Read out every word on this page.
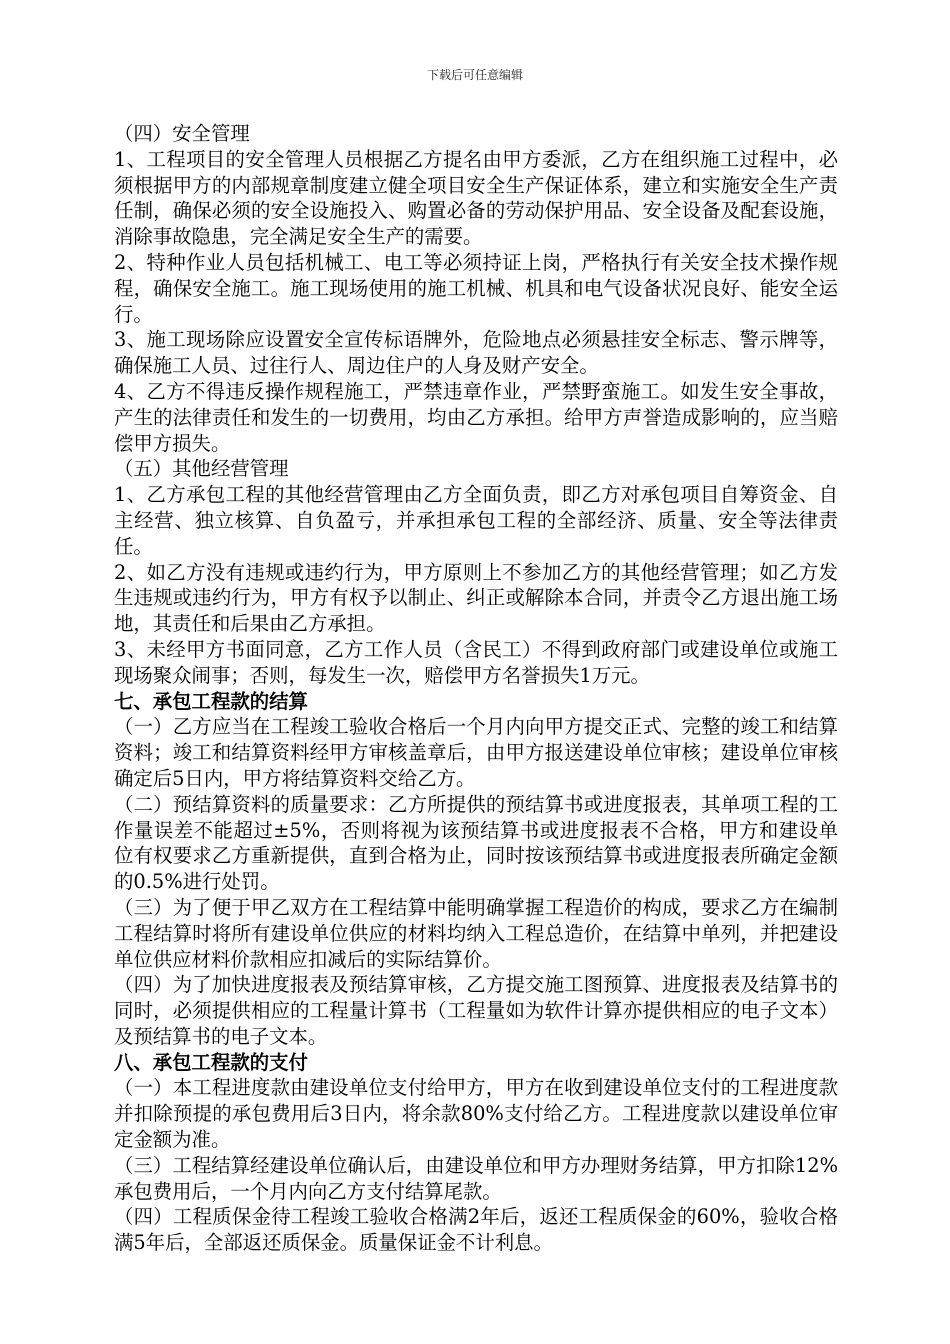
下载后可任意编辑

（四）安全管理

1、工程项目的安全管理人员根据乙方提名由甲方委派，乙方在组织施工过程中，必须根据甲方的内部规章制度建立健全项目安全生产保证体系，建立和实施安全生产责任制，确保必须的安全设施投入、购置必备的劳动保护用品、安全设备及配套设施，消除事故隐患，完全满足安全生产的需要。

2、特种作业人员包括机械工、电工等必须持证上岗，严格执行有关安全技术操作规程，确保安全施工。施工现场使用的施工机械、机具和电气设备状况良好、能安全运行。

3、施工现场除应设置安全宣传标语牌外，危险地点必须悬挂安全标志、警示牌等，确保施工人员、过往行人、周边住户的人身及财产安全。

4、乙方不得违反操作规程施工，严禁违章作业，严禁野蛮施工。如发生安全事故，产生的法律责任和发生的一切费用，均由乙方承担。给甲方声誉造成影响的，应当赔偿甲方损失。

（五）其他经营管理

1、乙方承包工程的其他经营管理由乙方全面负责，即乙方对承包项目自筹资金、自主经营、独立核算、自负盈亏，并承担承包工程的全部经济、质量、安全等法律责任。

2、如乙方没有违规或违约行为，甲方原则上不参加乙方的其他经营管理；如乙方发生违规或违约行为，甲方有权予以制止、纠正或解除本合同，并责令乙方退出施工场地，其责任和后果由乙方承担。

3、未经甲方书面同意，乙方工作人员（含民工）不得到政府部门或建设单位或施工现场聚众闹事；否则，每发生一次，赔偿甲方名誉损失1万元。

七、承包工程款的结算

（一）乙方应当在工程竣工验收合格后一个月内向甲方提交正式、完整的竣工和结算资料；竣工和结算资料经甲方审核盖章后，由甲方报送建设单位审核；建设单位审核确定后5日内，甲方将结算资料交给乙方。

（二）预结算资料的质量要求：乙方所提供的预结算书或进度报表，其单项工程的工作量误差不能超过±5%，否则将视为该预结算书或进度报表不合格，甲方和建设单位有权要求乙方重新提供，直到合格为止，同时按该预结算书或进度报表所确定金额的0.5%进行处罚。

（三）为了便于甲乙双方在工程结算中能明确掌握工程造价的构成，要求乙方在编制工程结算时将所有建设单位供应的材料均纳入工程总造价，在结算中单列，并把建设单位供应材料价款相应扣减后的实际结算价。

（四）为了加快进度报表及预结算审核，乙方提交施工图预算、进度报表及结算书的同时，必须提供相应的工程量计算书（工程量如为软件计算亦提供相应的电子文本）及预结算书的电子文本。

八、承包工程款的支付

（一）本工程进度款由建设单位支付给甲方，甲方在收到建设单位支付的工程进度款并扣除预提的承包费用后3日内，将余款80%支付给乙方。工程进度款以建设单位审定金额为准。

（三）工程结算经建设单位确认后，由建设单位和甲方办理财务结算，甲方扣除12%承包费用后，一个月内向乙方支付结算尾款。

（四）工程质保金待工程竣工验收合格满2年后，返还工程质保金的60%，验收合格满5年后，全部返还质保金。质量保证金不计利息。
